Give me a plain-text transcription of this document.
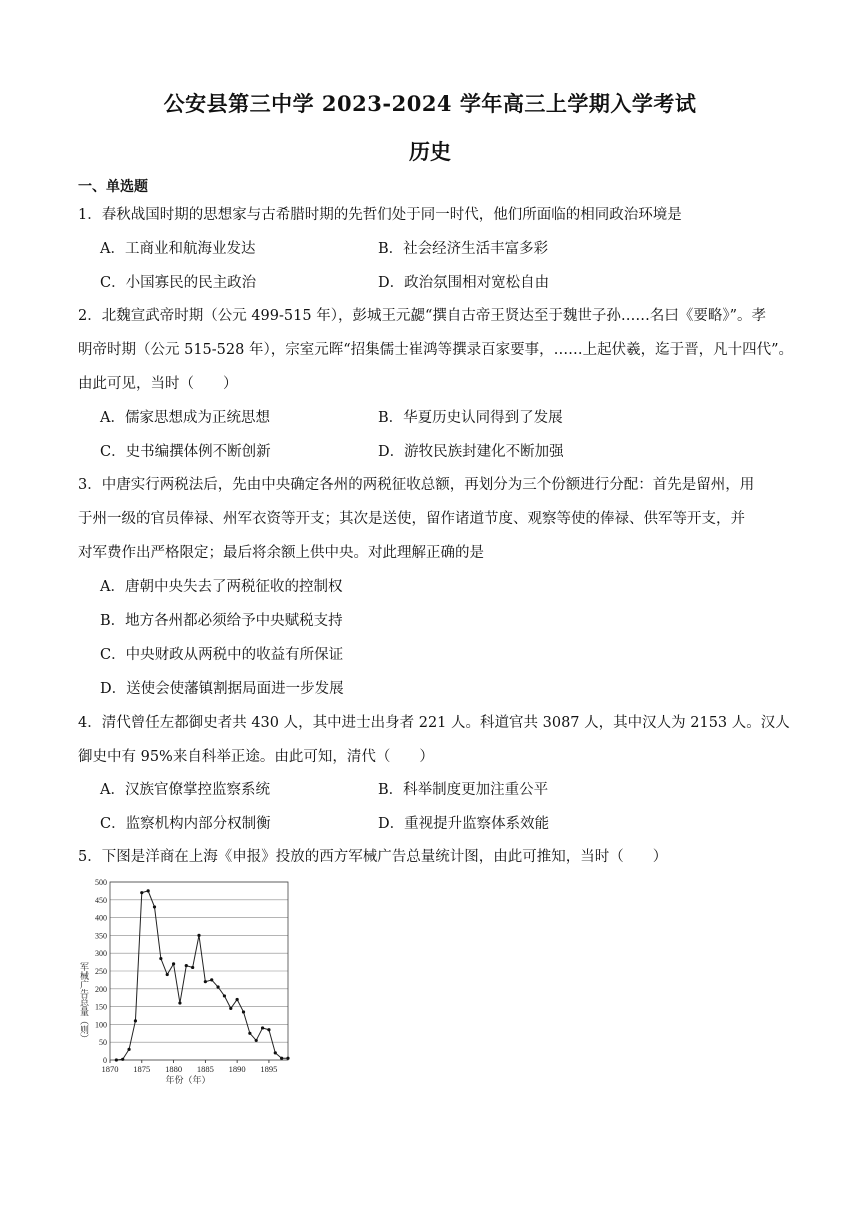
公安县第三中学 2023-2024 学年高三上学期入学考试
历史
一、单选题
1．春秋战国时期的思想家与古希腊时期的先哲们处于同一时代，他们所面临的相同政治环境是
A．工商业和航海业发达	B．社会经济生活丰富多彩
C．小国寡民的民主政治	D．政治氛围相对宽松自由
2．北魏宣武帝时期（公元 499-515 年），彭城王元勰“撰自古帝王贤达至于魏世子孙……名曰《要略》”。孝
明帝时期（公元 515-528 年），宗室元晖“招集儒士崔鸿等撰录百家要事，……上起伏羲，迄于晋，凡十四代”。
由此可见，当时（　　）
A．儒家思想成为正统思想	B．华夏历史认同得到了发展
C．史书编撰体例不断创新	D．游牧民族封建化不断加强
3．中唐实行两税法后，先由中央确定各州的两税征收总额，再划分为三个份额进行分配：首先是留州，用
于州一级的官员俸禄、州军衣资等开支；其次是送使，留作诸道节度、观察等使的俸禄、供军等开支，并
对军费作出严格限定；最后将余额上供中央。对此理解正确的是
A．唐朝中央失去了两税征收的控制权
B．地方各州都必须给予中央赋税支持
C．中央财政从两税中的收益有所保证
D．送使会使藩镇割据局面进一步发展
4．清代曾任左都御史者共 430 人，其中进士出身者 221 人。科道官共 3087 人，其中汉人为 2153 人。汉人
御史中有 95%来自科举正途。由此可知，清代（　　）
A．汉族官僚掌控监察系统	B．科举制度更加注重公平
C．监察机构内部分权制衡	D．重视提升监察体系效能
5．下图是洋商在上海《申报》投放的西方军械广告总量统计图，由此可推知，当时（　　）
0
50
100
150
200
250
300
350
400
450
500
1870 1875 1880 1885 1890 1895
军械广告总量（则）
年份（年）
